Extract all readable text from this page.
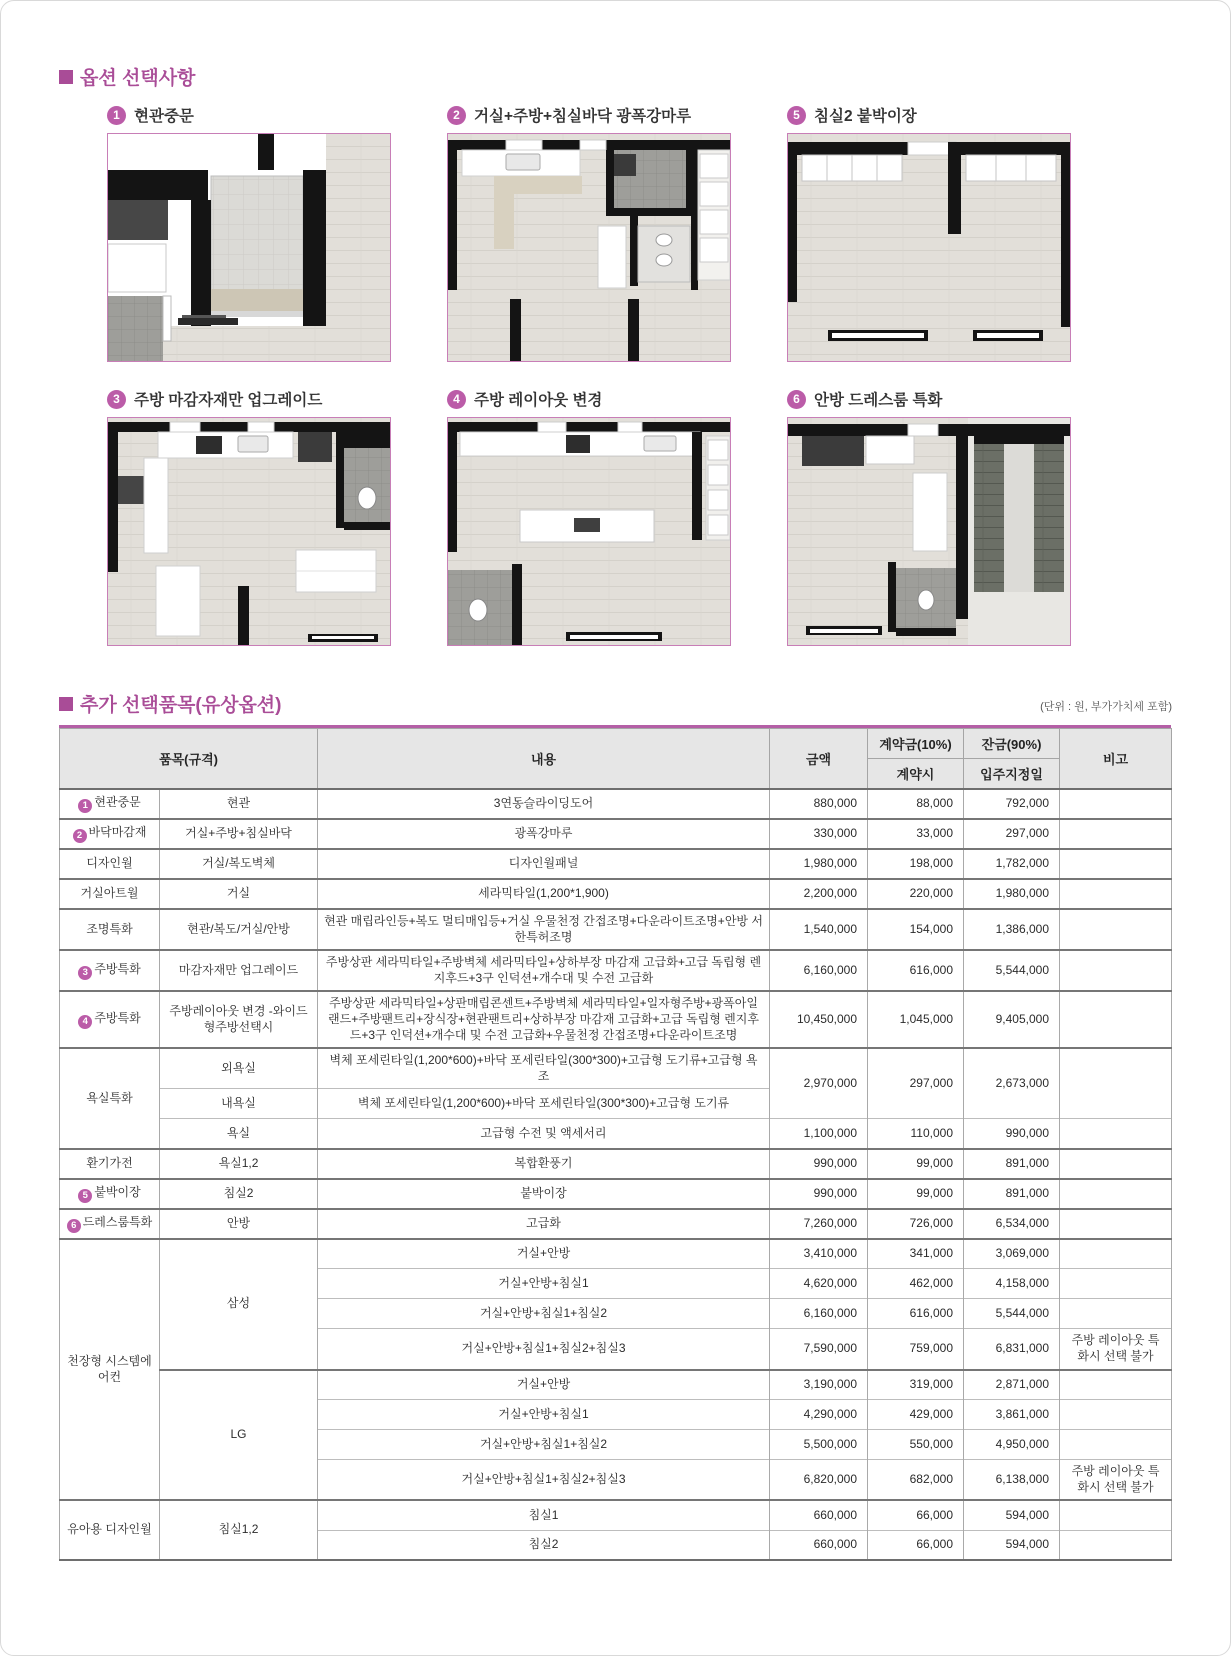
옵션 선택사항
1 현관중문	2 거실+주방+침실바닥 광폭강마루	5 침실2 붙박이장
3 주방 마감자재만 업그레이드	4 주방 레이아웃 변경	6 안방 드레스룸 특화
추가 선택품목(유상옵션)	(단위 : 원, 부가가치세 포함)
품목(규격)		내용	금액	계약금(10%)	잔금(90%)	비고
				계약시	입주지정일	
1 현관중문	현관	3연동슬라이딩도어	880,000	88,000	792,000	
2 바닥마감재	거실+주방+침실바닥	광폭강마루	330,000	33,000	297,000	
디자인월	거실/복도벽체	디자인월패널	1,980,000	198,000	1,782,000	
거실아트월	거실	세라믹타일(1,200*1,900)	2,200,000	220,000	1,980,000	
조명특화	현관/복도/거실/안방	현관 매립라인등+복도 멀티매입등+거실 우물천정 간접조명+다운라이트조명+안방 서한특허조명	1,540,000	154,000	1,386,000	
3 주방특화	마감자재만 업그레이드	주방상판 세라믹타일+주방벽체 세라믹타일+상하부장 마감재 고급화+고급 독립형 렌지후드+3구 인덕션+개수대 및 수전 고급화	6,160,000	616,000	5,544,000	
4 주방특화	주방레이아웃 변경 -와이드형주방선택시	주방상판 세라믹타일+상판매립콘센트+주방벽체 세라믹타일+일자형주방+광폭아일랜드+주방팬트리+장식장+현관팬트리+상하부장 마감재 고급화+고급 독립형 렌지후드+3구 인덕션+개수대 및 수전 고급화+우물천정 간접조명+다운라이트조명	10,450,000	1,045,000	9,405,000	
욕실특화	외욕실	벽체 포세린타일(1,200*600)+바닥 포세린타일(300*300)+고급형 도기류+고급형 욕조	2,970,000	297,000	2,673,000	
	내욕실	벽체 포세린타일(1,200*600)+바닥 포세린타일(300*300)+고급형 도기류				
	욕실	고급형 수전 및 액세서리	1,100,000	110,000	990,000	
환기가전	욕실1,2	복합환풍기	990,000	99,000	891,000	
5 붙박이장	침실2	붙박이장	990,000	99,000	891,000	
6 드레스룸특화	안방	고급화	7,260,000	726,000	6,534,000	
천장형 시스템에어컨	삼성	거실+안방	3,410,000	341,000	3,069,000	
		거실+안방+침실1	4,620,000	462,000	4,158,000	
		거실+안방+침실1+침실2	6,160,000	616,000	5,544,000	
		거실+안방+침실1+침실2+침실3	7,590,000	759,000	6,831,000	주방 레이아웃 특화시 선택 불가
	LG	거실+안방	3,190,000	319,000	2,871,000	
		거실+안방+침실1	4,290,000	429,000	3,861,000	
		거실+안방+침실1+침실2	5,500,000	550,000	4,950,000	
		거실+안방+침실1+침실2+침실3	6,820,000	682,000	6,138,000	주방 레이아웃 특화시 선택 불가
유아용 디자인월	침실1,2	침실1	660,000	66,000	594,000	
		침실2	660,000	66,000	594,000	
